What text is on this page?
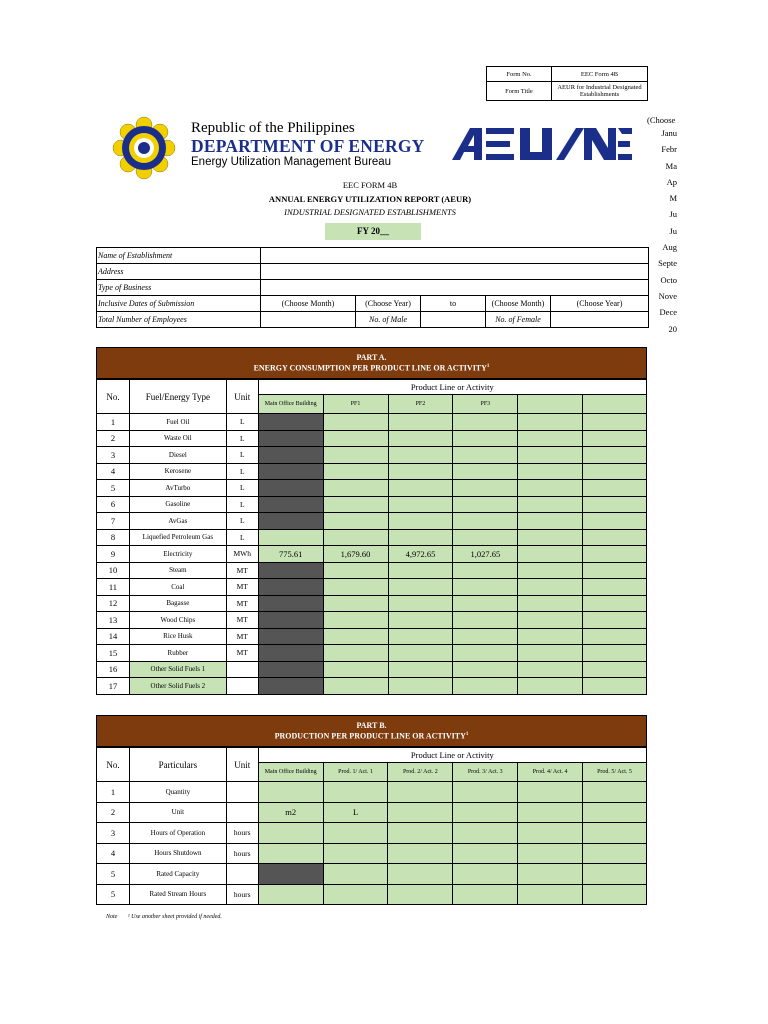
Form No.	EEC Form 4B
Form Title	AEUR for Industrial Designated Establishments
Republic of the Philippines
DEPARTMENT OF ENERGY
Energy Utilization Management Bureau
EEC FORM 4B
ANNUAL ENERGY UTILIZATION REPORT (AEUR)
INDUSTRIAL DESIGNATED ESTABLISHMENTS
FY 20__
(Choose
Janu
Febr
Ma
Ap
M
Ju
Ju
Aug
Septe
Octo
Nove
Dece
20
Name of Establishment					
Address					
Type of Business					
Inclusive Dates of Submission	(Choose Month)	(Choose Year)	to	(Choose Month)	(Choose Year)
Total Number of Employees		No. of Male		No. of Female	
PART A.
ENERGY CONSUMPTION PER PRODUCT LINE OR ACTIVITY$^1$
No.	Fuel/Energy Type	Unit	Product Line or Activity					
			Main Office Building	PF1	PF2	PF3		
1	Fuel Oil	L						
2	Waste Oil	L						
3	Diesel	L						
4	Kerosene	L						
5	AvTurbo	L						
6	Gasoline	L						
7	AvGas	L						
8	Liquefied Petroleum Gas	L						
9	Electricity	MWh	775.61	1,679.60	4,972.65	1,027.65		
10	Steam	MT						
11	Coal	MT						
12	Bagasse	MT						
13	Wood Chips	MT						
14	Rice Husk	MT						
15	Rubber	MT						
16	Other Solid Fuels 1							
17	Other Solid Fuels 2							
PART B.
PRODUCTION PER PRODUCT LINE OR ACTIVITY$^1$
No.	Particulars	Unit	Product Line or Activity					
			Main Office Building	Prod. 1/ Act. 1	Prod. 2/ Act. 2	Prod. 3/ Act. 3	Prod. 4/ Act. 4	Prod. 5/ Act. 5
1	Quantity							
2	Unit		m2	L				
3	Hours of Operation	hours						
4	Hours Shutdown	hours						
5	Rated Capacity							
5	Rated Stream Hours	hours						
Note ¹ Use another sheet provided if needed.
